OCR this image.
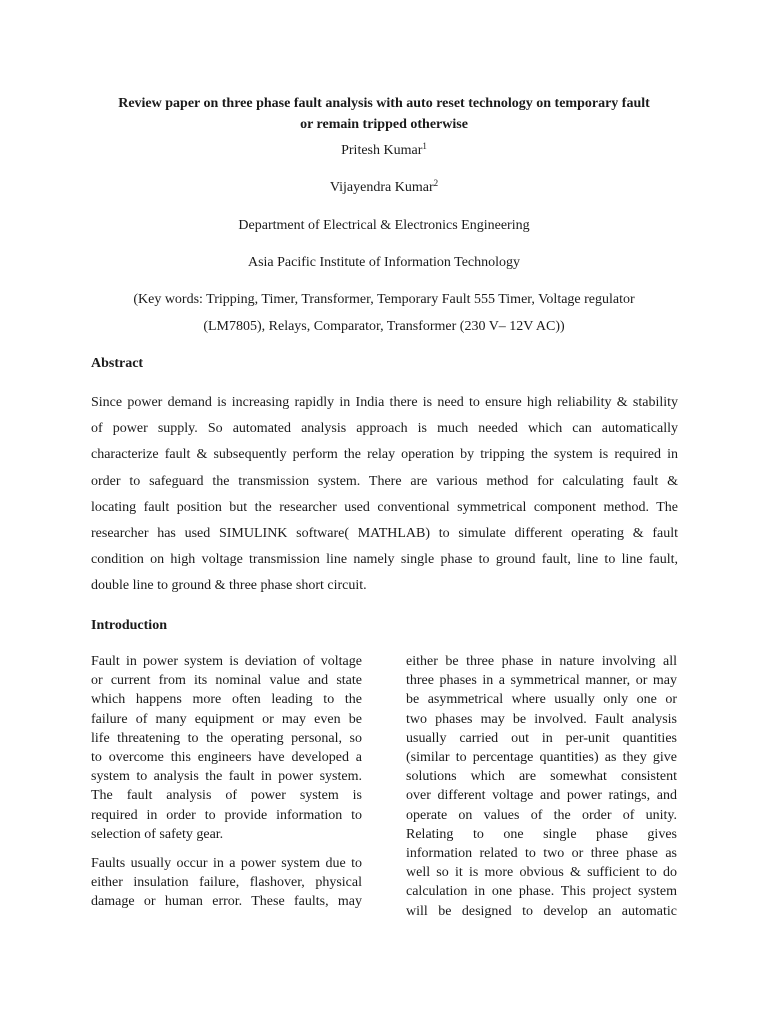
Review paper on three phase fault analysis with auto reset technology on temporary fault
or remain tripped otherwise
Pritesh Kumar$^1$
Vijayendra Kumar$^2$
Department of Electrical & Electronics Engineering
Asia Pacific Institute of Information Technology
(Key words: Tripping, Timer, Transformer, Temporary Fault 555 Timer, Voltage regulator
(LM7805), Relays, Comparator, Transformer (230 V– 12V AC))
Abstract
Since power demand is increasing rapidly in India there is need to ensure high reliability & stability
of power supply. So automated analysis approach is much needed which can automatically
characterize fault & subsequently perform the relay operation by tripping the system is required in
order to safeguard the transmission system. There are various method for calculating fault &
locating fault position but the researcher used conventional symmetrical component method. The
researcher has used SIMULINK software( MATHLAB) to simulate different operating & fault
condition on high voltage transmission line namely single phase to ground fault, line to line fault,
double line to ground & three phase short circuit.
Introduction
Fault in power system is deviation of voltage
or current from its nominal value and state
which happens more often leading to the
failure of many equipment or may even be
life threatening to the operating personal, so
to overcome this engineers have developed a
system to analysis the fault in power system.
The fault analysis of power system is
required in order to provide information to
selection of safety gear.
Faults usually occur in a power system due to
either insulation failure, flashover, physical
damage or human error. These faults, may
either be three phase in nature involving all
three phases in a symmetrical manner, or may
be asymmetrical where usually only one or
two phases may be involved. Fault analysis
usually carried out in per-unit quantities
(similar to percentage quantities) as they give
solutions which are somewhat consistent
over different voltage and power ratings, and
operate on values of the order of unity.
Relating to one single phase gives
information related to two or three phase as
well so it is more obvious & sufficient to do
calculation in one phase. This project system
will be designed to develop an automatic
